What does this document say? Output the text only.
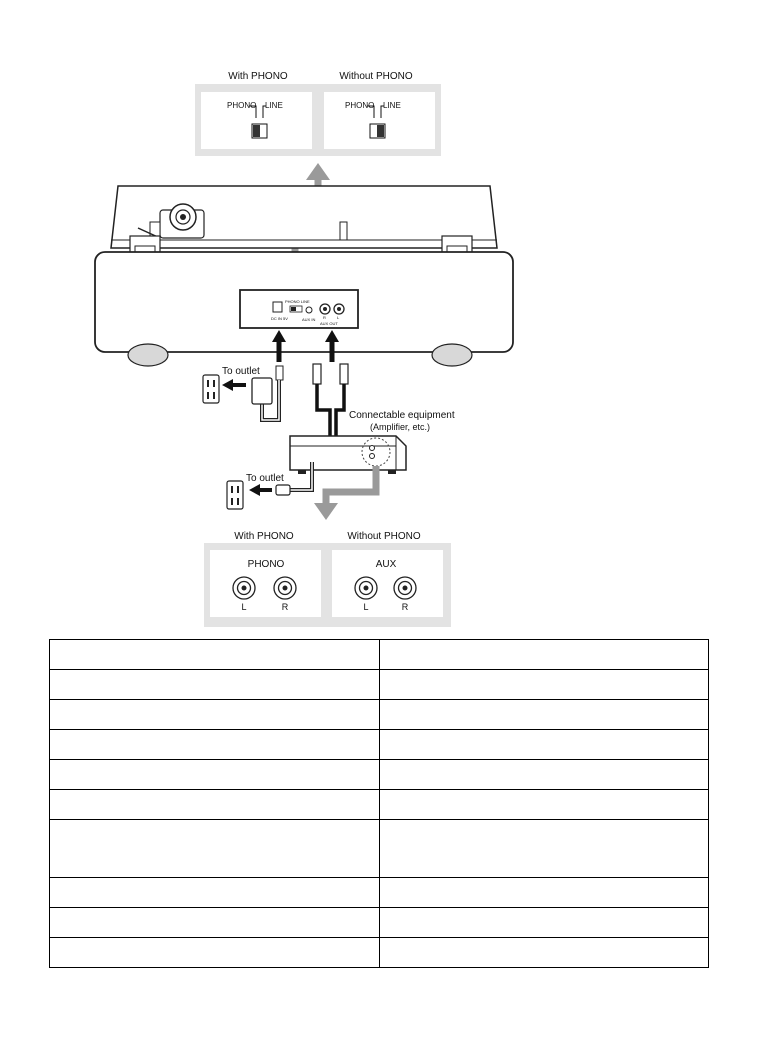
With PHONO	Without PHONO
PHONO LINE	PHONO LINE
DC IN 5V
PHONO LINE
AUX IN R	L
AUX OUT
To outlet
Connectable equipment
(Amplifier, etc.)
To outlet
With PHONO	Without PHONO
PHONO
L	R
AUX
L	R
